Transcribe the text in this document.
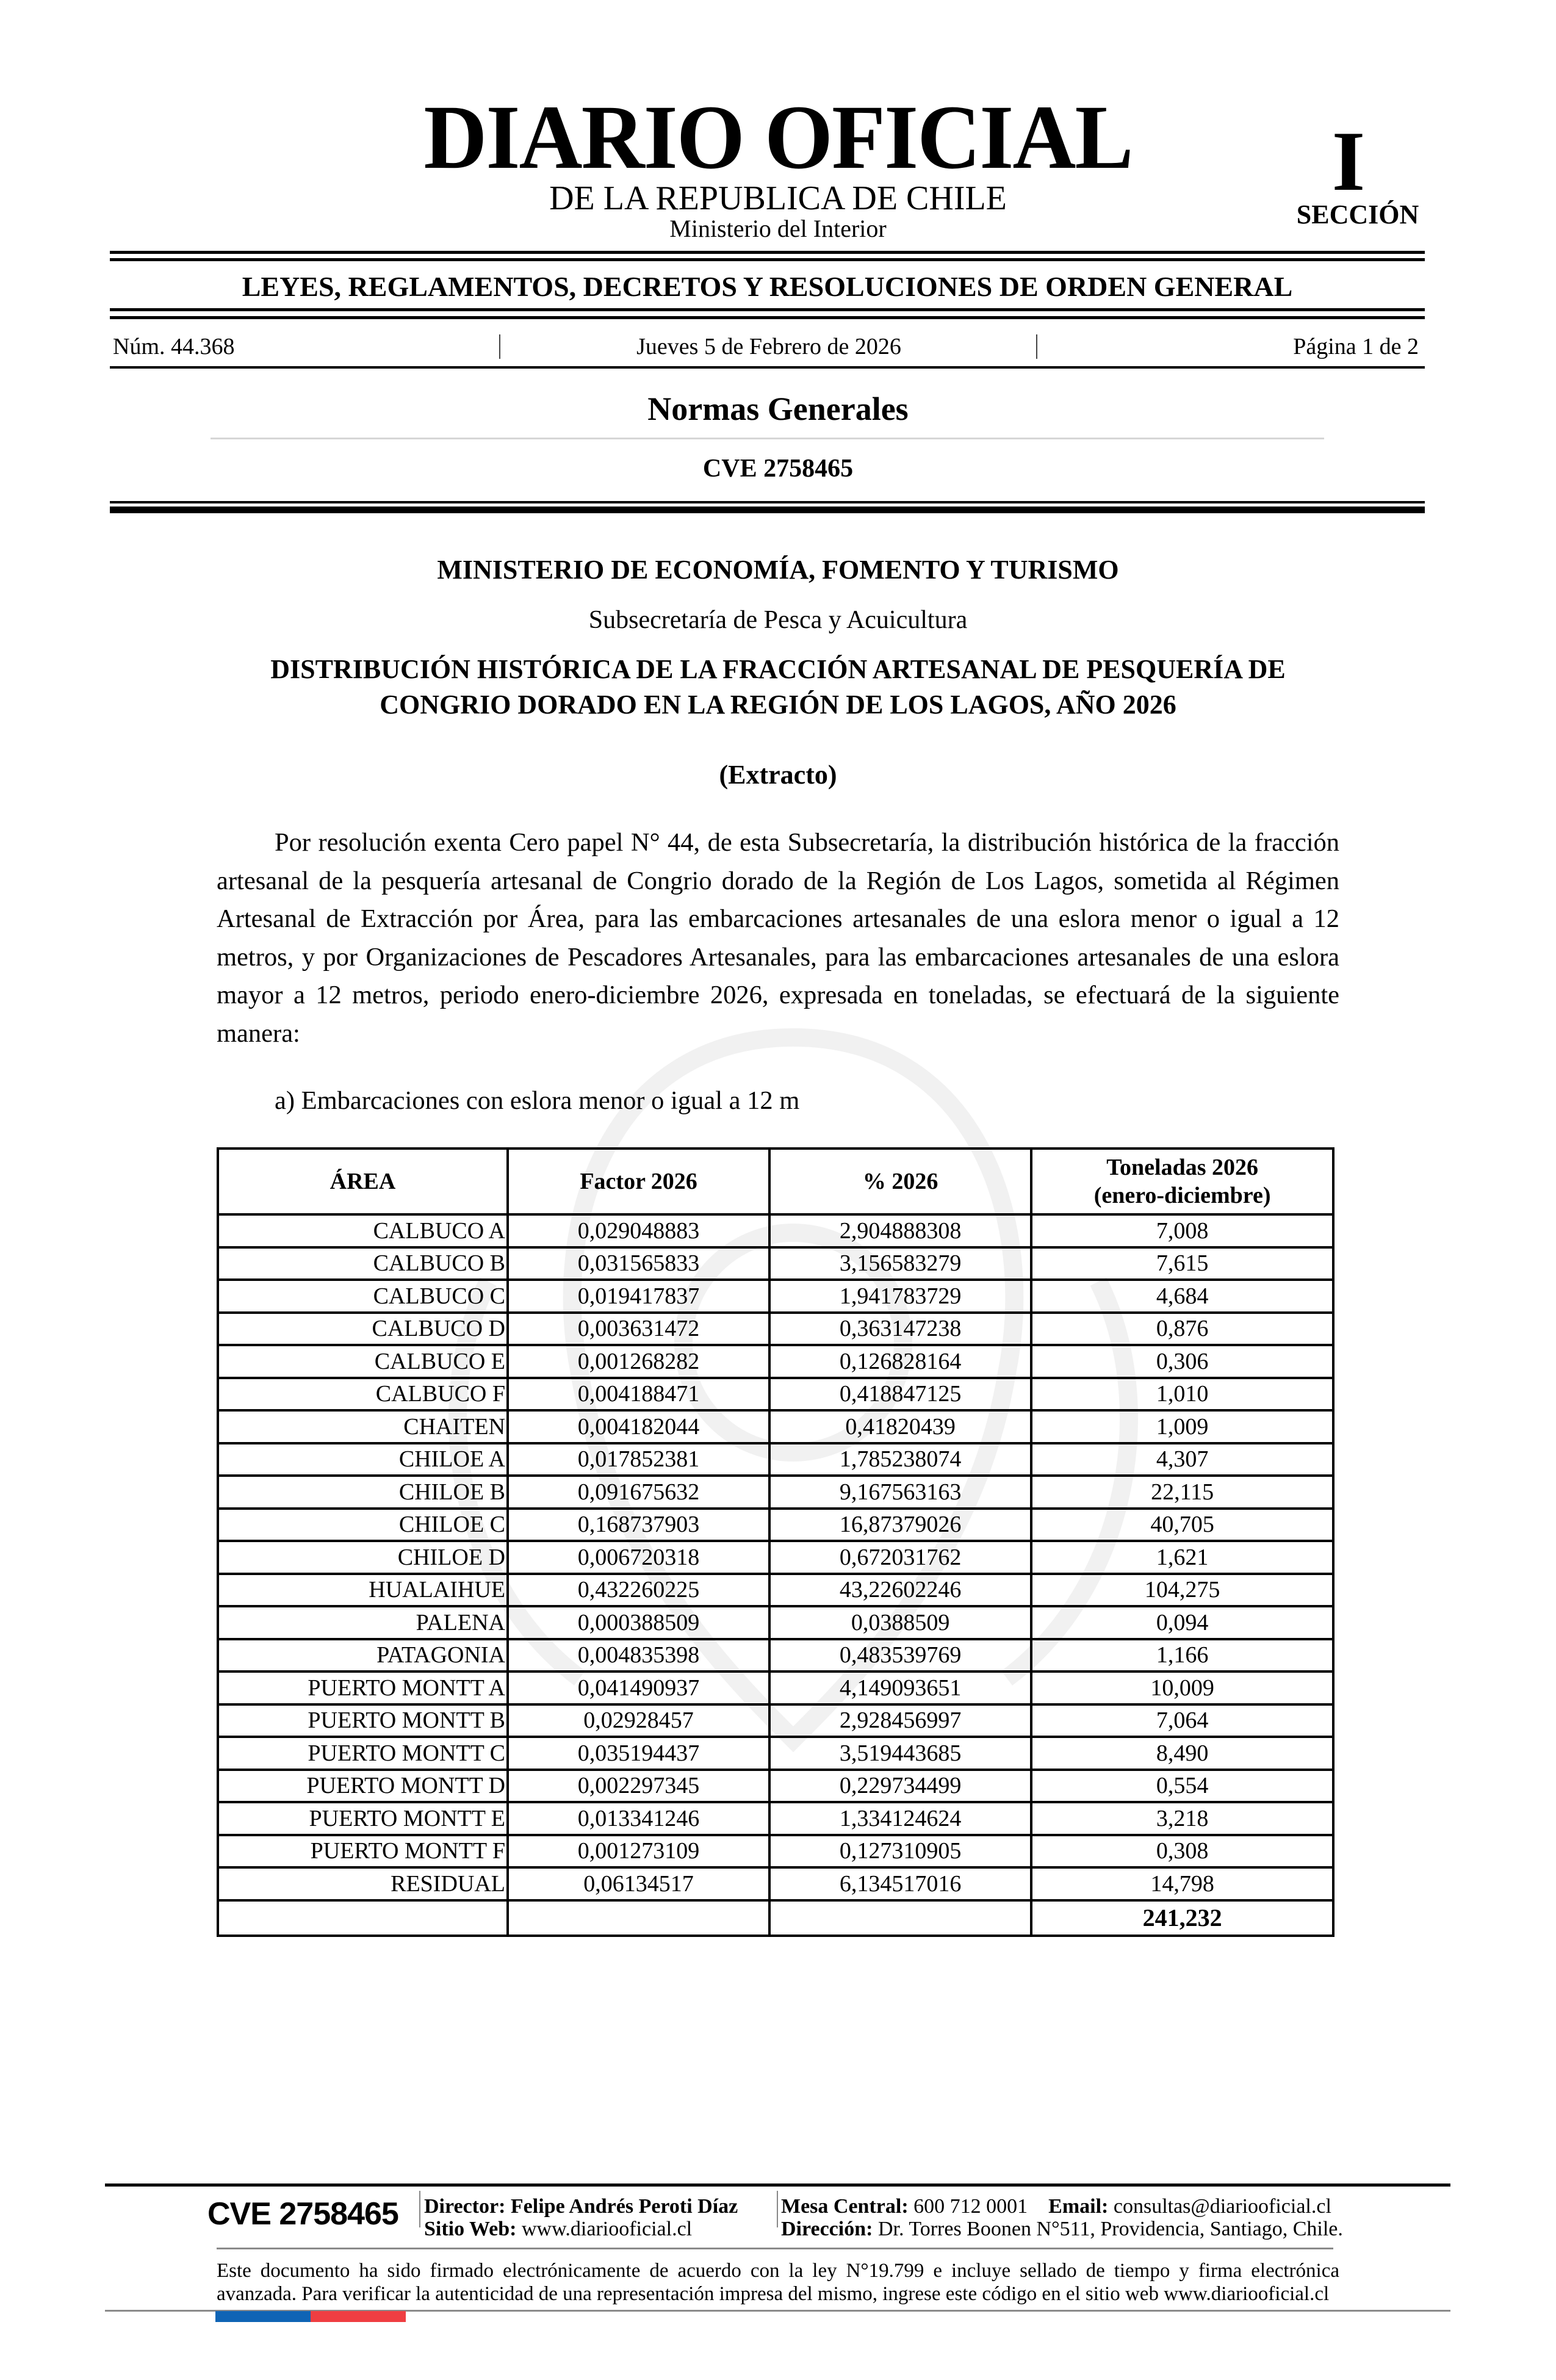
DIARIO OFICIAL
DE LA REPUBLICA DE CHILE
Ministerio del Interior
I
SECCIÓN
LEYES, REGLAMENTOS, DECRETOS Y RESOLUCIONES DE ORDEN GENERAL
Núm. 44.368	Jueves 5 de Febrero de 2026	Página 1 de 2
Normas Generales
CVE 2758465
MINISTERIO DE ECONOMÍA, FOMENTO Y TURISMO
Subsecretaría de Pesca y Acuicultura
DISTRIBUCIÓN HISTÓRICA DE LA FRACCIÓN ARTESANAL DE PESQUERÍA DE CONGRIO DORADO EN LA REGIÓN DE LOS LAGOS, AÑO 2026
(Extracto)
Por resolución exenta Cero papel N° 44, de esta Subsecretaría, la distribución histórica de la fracción artesanal de la pesquería artesanal de Congrio dorado de la Región de Los Lagos, sometida al Régimen Artesanal de Extracción por Área, para las embarcaciones artesanales de una eslora menor o igual a 12 metros, y por Organizaciones de Pescadores Artesanales, para las embarcaciones artesanales de una eslora mayor a 12 metros, periodo enero-diciembre 2026, expresada en toneladas, se efectuará de la siguiente manera:
a) Embarcaciones con eslora menor o igual a 12 m
ÁREA	Factor 2026	% 2026	Toneladas 2026
(enero-diciembre)

CALBUCO A	0,029048883	2,904888308	7,008
CALBUCO B	0,031565833	3,156583279	7,615
CALBUCO C	0,019417837	1,941783729	4,684
CALBUCO D	0,003631472	0,363147238	0,876
CALBUCO E	0,001268282	0,126828164	0,306
CALBUCO F	0,004188471	0,418847125	1,010
CHAITEN	0,004182044	0,41820439	1,009
CHILOE A	0,017852381	1,785238074	4,307
CHILOE B	0,091675632	9,167563163	22,115
CHILOE C	0,168737903	16,87379026	40,705
CHILOE D	0,006720318	0,672031762	1,621
HUALAIHUE	0,432260225	43,22602246	104,275
PALENA	0,000388509	0,0388509	0,094
PATAGONIA	0,004835398	0,483539769	1,166
PUERTO MONTT A	0,041490937	4,149093651	10,009
PUERTO MONTT B	0,02928457	2,928456997	7,064
PUERTO MONTT C	0,035194437	3,519443685	8,490
PUERTO MONTT D	0,002297345	0,229734499	0,554
PUERTO MONTT E	0,013341246	1,334124624	3,218
PUERTO MONTT F	0,001273109	0,127310905	0,308
RESIDUAL	0,06134517	6,134517016	14,798
			241,232
CVE 2758465 Director: Felipe Andrés Peroti Díaz
Sitio Web: www.diariooficial.cl
Mesa Central: 600 712 0001 Email: consultas@diariooficial.cl
Dirección: Dr. Torres Boonen N°511, Providencia, Santiago, Chile.
Este documento ha sido firmado electrónicamente de acuerdo con la ley N°19.799 e incluye sellado de tiempo y firma electrónica avanzada. Para verificar la autenticidad de una representación impresa del mismo, ingrese este código en el sitio web www.diariooficial.cl
